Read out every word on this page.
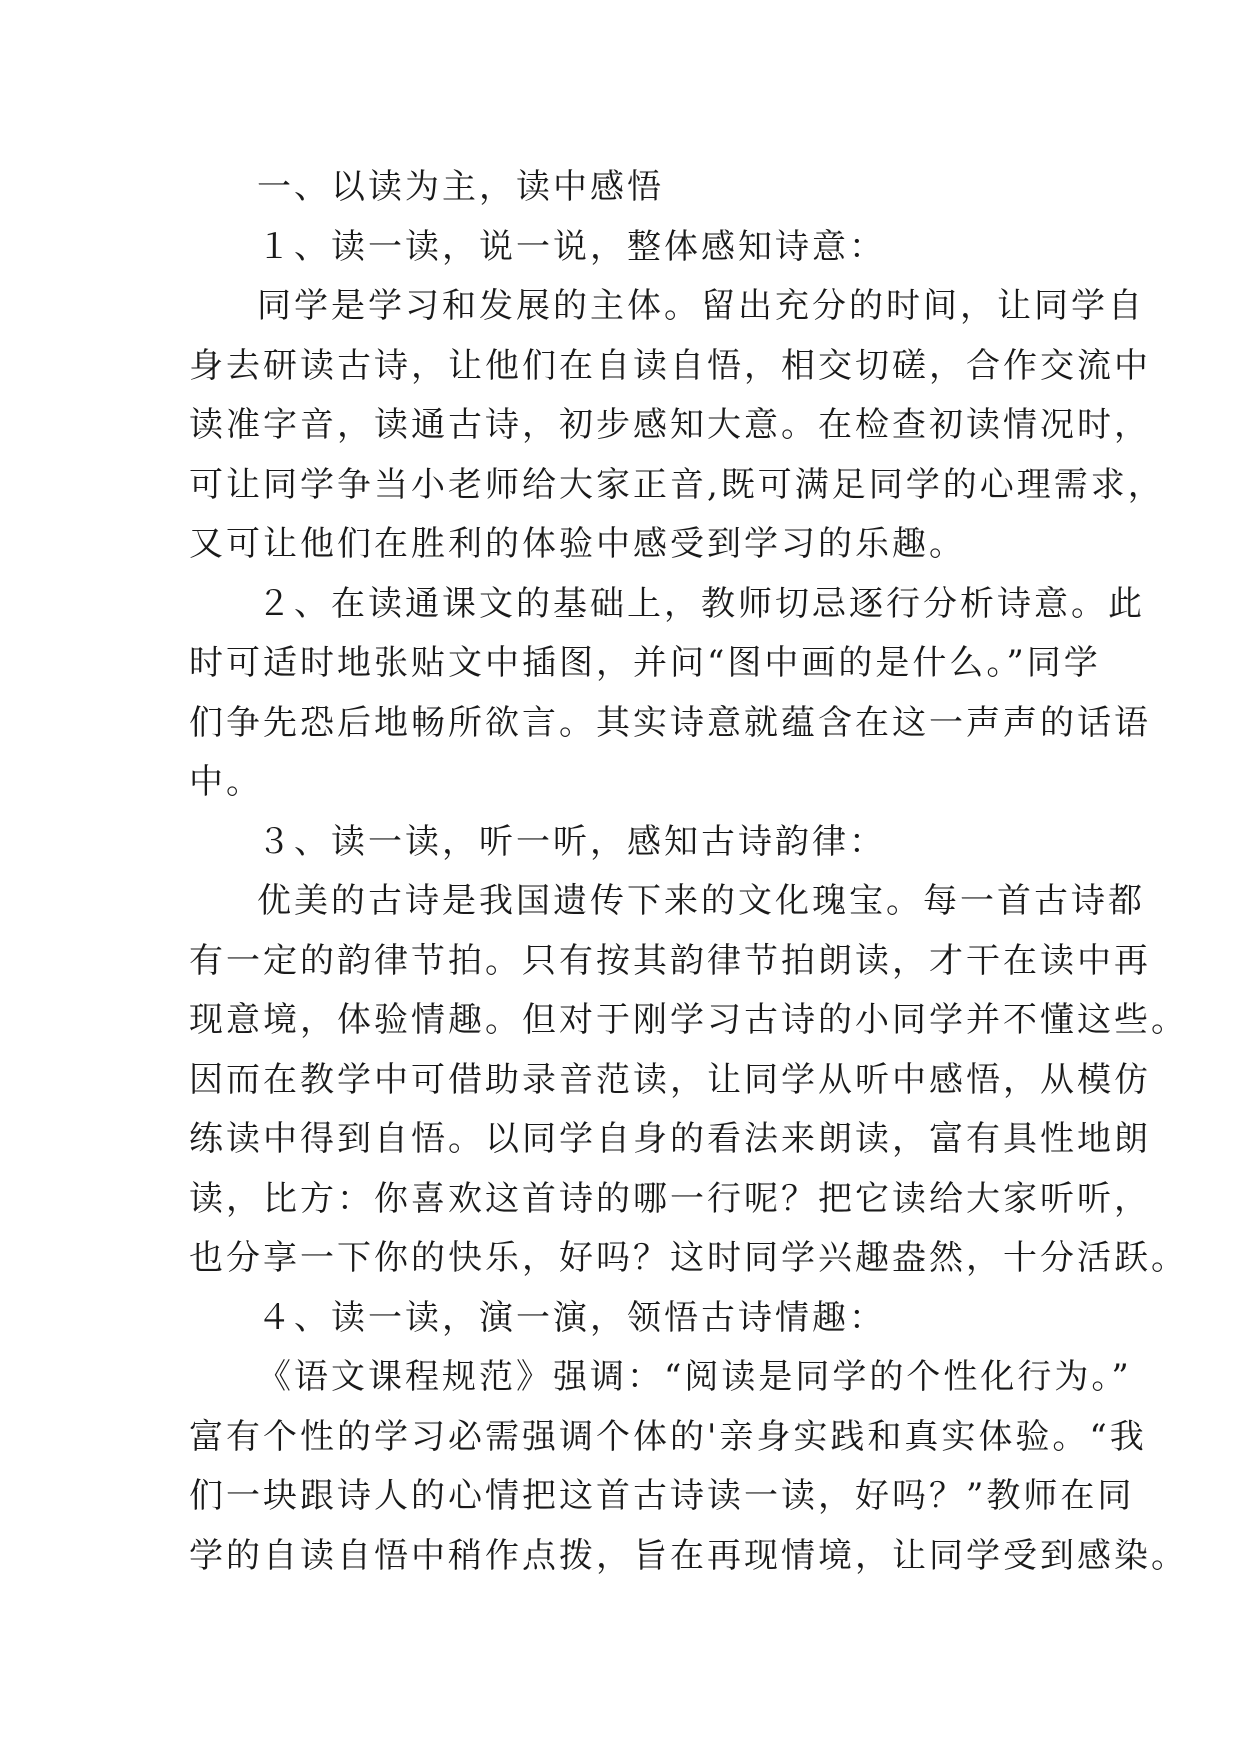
一、以读为主，读中感悟
１、读一读，说一说，整体感知诗意：
同学是学习和发展的主体。留出充分的时间，让同学自
身去研读古诗，让他们在自读自悟，相交切磋，合作交流中
读准字音，读通古诗，初步感知大意。在检查初读情况时，
可让同学争当小老师给大家正音,既可满足同学的心理需求，
又可让他们在胜利的体验中感受到学习的乐趣。
２、在读通课文的基础上，教师切忌逐行分析诗意。此
时可适时地张贴文中插图，并问“图中画的是什么。”同学
们争先恐后地畅所欲言。其实诗意就蕴含在这一声声的话语
中。
３、读一读，听一听，感知古诗韵律：
优美的古诗是我国遗传下来的文化瑰宝。每一首古诗都
有一定的韵律节拍。只有按其韵律节拍朗读，才干在读中再
现意境，体验情趣。但对于刚学习古诗的小同学并不懂这些。
因而在教学中可借助录音范读，让同学从听中感悟，从模仿
练读中得到自悟。以同学自身的看法来朗读，富有具性地朗
读，比方：你喜欢这首诗的哪一行呢？把它读给大家听听，
也分享一下你的快乐，好吗？这时同学兴趣盎然，十分活跃。
４、读一读，演一演，领悟古诗情趣：
《语文课程规范》强调：“阅读是同学的个性化行为。”
富有个性的学习必需强调个体的'亲身实践和真实体验。“我
们一块跟诗人的心情把这首古诗读一读，好吗？”教师在同
学的自读自悟中稍作点拨，旨在再现情境，让同学受到感染。
